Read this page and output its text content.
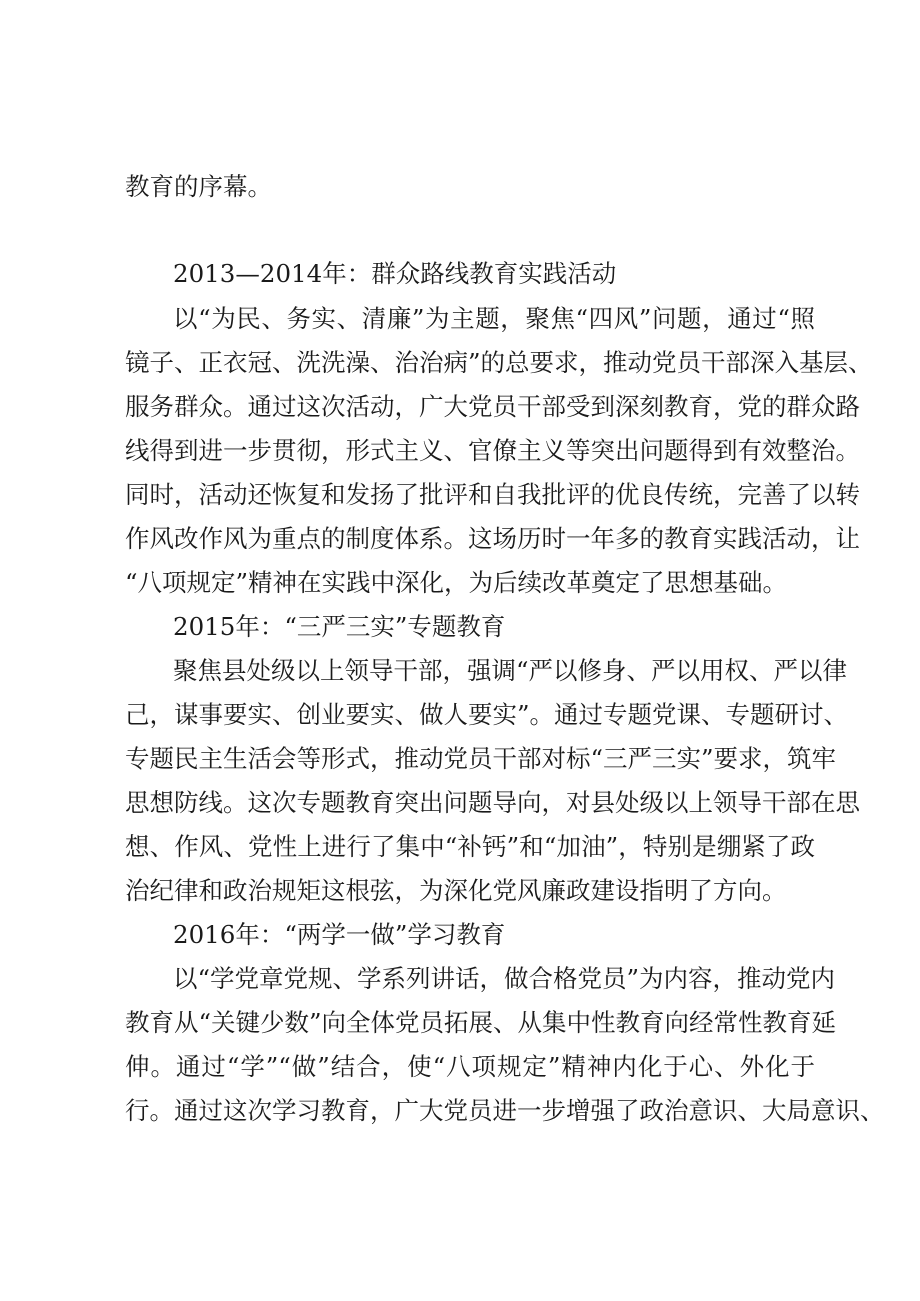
教育的序幕。
2013—2014年：群众路线教育实践活动
以“为民、务实、清廉”为主题，聚焦“四风”问题，通过“照
镜子、正衣冠、洗洗澡、治治病”的总要求，推动党员干部深入基层、
服务群众。通过这次活动，广大党员干部受到深刻教育，党的群众路
线得到进一步贯彻，形式主义、官僚主义等突出问题得到有效整治。
同时，活动还恢复和发扬了批评和自我批评的优良传统，完善了以转
作风改作风为重点的制度体系。这场历时一年多的教育实践活动，让
“八项规定”精神在实践中深化，为后续改革奠定了思想基础。
2015年：“三严三实”专题教育
聚焦县处级以上领导干部，强调“严以修身、严以用权、严以律
己，谋事要实、创业要实、做人要实”。通过专题党课、专题研讨、
专题民主生活会等形式，推动党员干部对标“三严三实”要求，筑牢
思想防线。这次专题教育突出问题导向，对县处级以上领导干部在思
想、作风、党性上进行了集中“补钙”和“加油”，特别是绷紧了政
治纪律和政治规矩这根弦，为深化党风廉政建设指明了方向。
2016年：“两学一做”学习教育
以“学党章党规、学系列讲话，做合格党员”为内容，推动党内
教育从“关键少数”向全体党员拓展、从集中性教育向经常性教育延
伸。通过“学”“做”结合，使“八项规定”精神内化于心、外化于
行。通过这次学习教育，广大党员进一步增强了政治意识、大局意识、
